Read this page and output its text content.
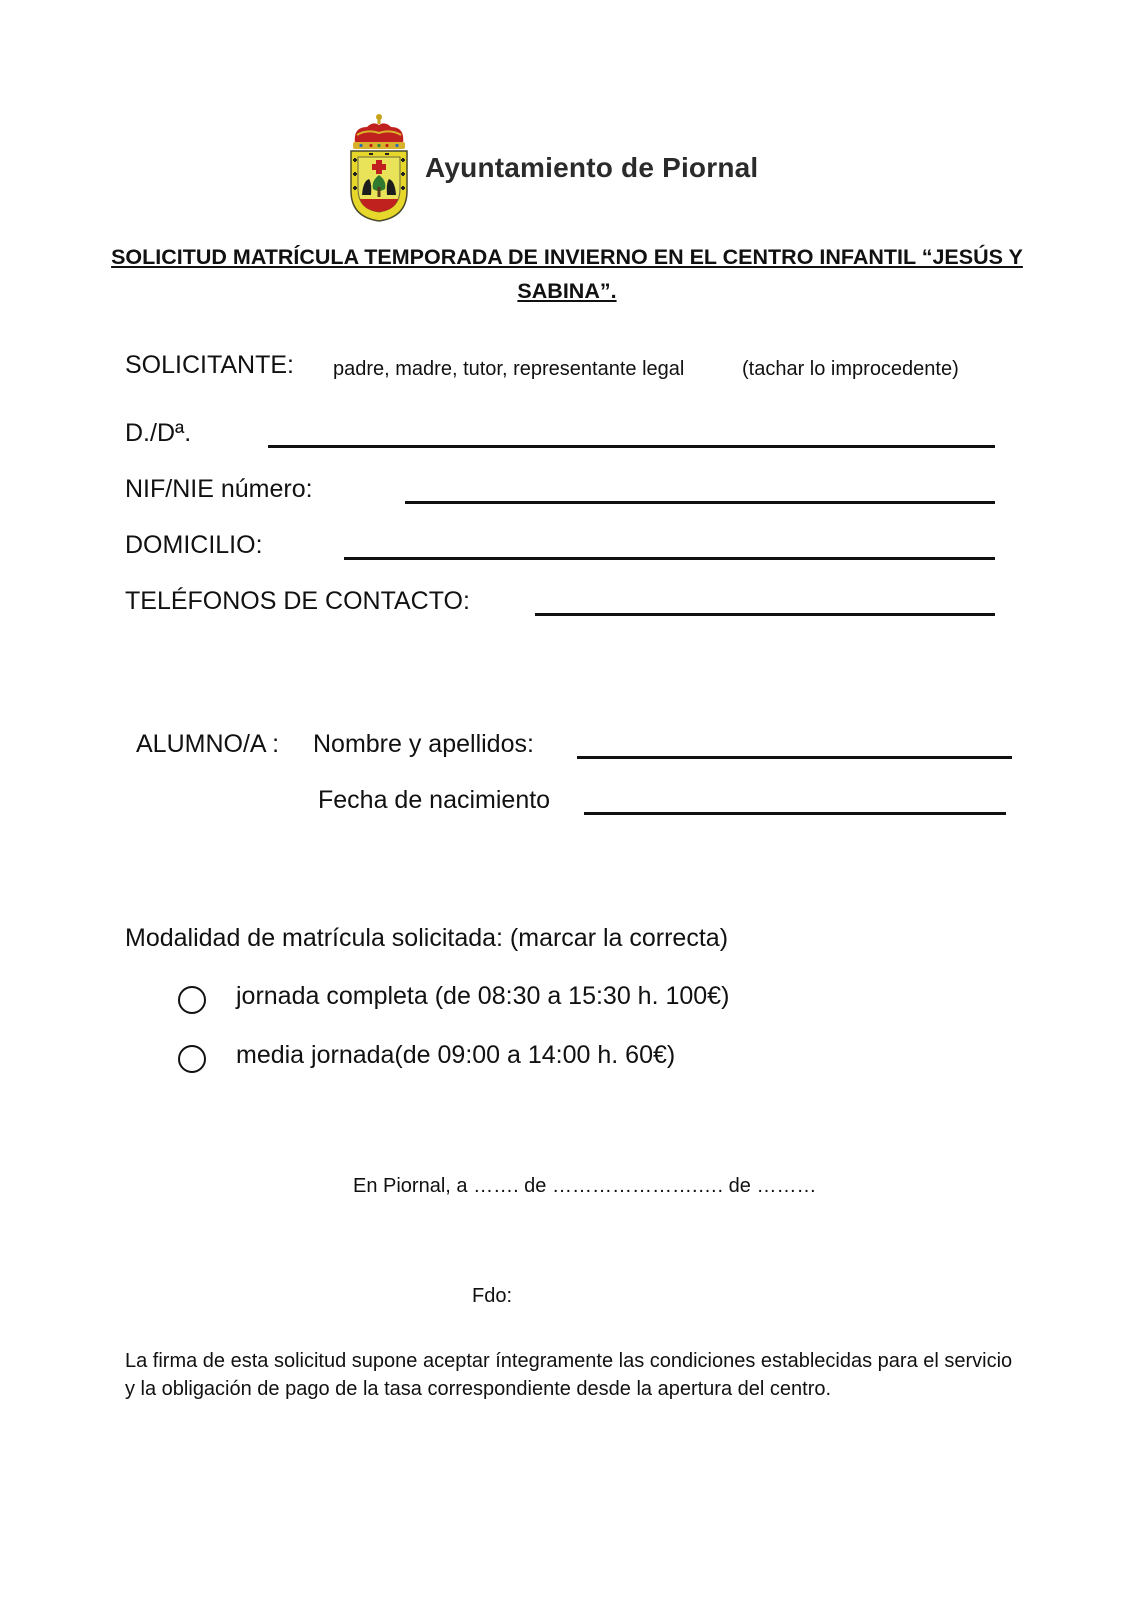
Ayuntamiento de Piornal
SOLICITUD MATRÍCULA TEMPORADA DE INVIERNO EN EL CENTRO INFANTIL “JESÚS Y SABINA”.
SOLICITANTE: padre, madre, tutor, representante legal	(tachar lo improcedente)
D./Dª.
NIF/NIE número:
DOMICILIO:
TELÉFONOS DE CONTACTO:
ALUMNO/A : Nombre y apellidos:
Fecha de nacimiento
Modalidad de matrícula solicitada: (marcar la correcta)
jornada completa (de 08:30 a 15:30 h. 100€)
media jornada(de 09:00 a 14:00 h. 60€)
En Piornal, a ……. de ………………….…. de ………
Fdo:
La firma de esta solicitud supone aceptar íntegramente las condiciones establecidas para el servicio y la obligación de pago de la tasa correspondiente desde la apertura del centro.
